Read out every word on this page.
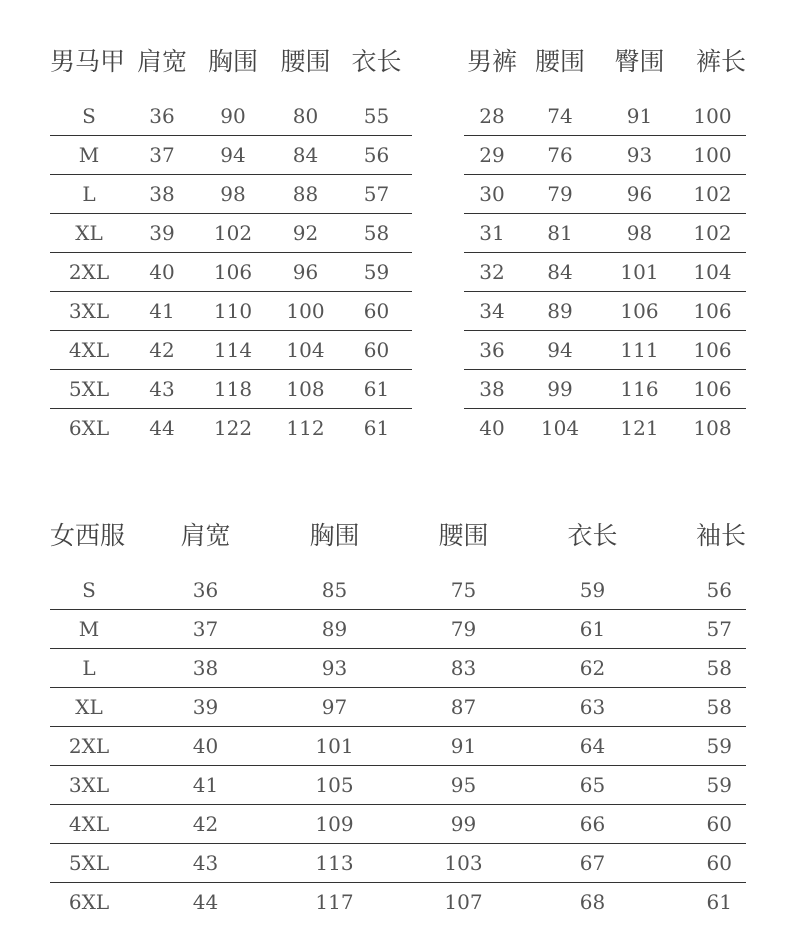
男马甲	肩宽	胸围	腰围	衣长

S	36	90	80	55
M	37	94	84	56
L	38	98	88	57
XL	39	102	92	58
2XL	40	106	96	59
3XL	41	110	100	60
4XL	42	114	104	60
5XL	43	118	108	61
6XL	44	122	112	61
男裤	腰围	臀围	裤长

28	74	91	100
29	76	93	100
30	79	96	102
31	81	98	102
32	84	101	104
34	89	106	106
36	94	111	106
38	99	116	106
40	104	121	108
女西服	肩宽	胸围	腰围	衣长	袖长

S	36	85	75	59	56
M	37	89	79	61	57
L	38	93	83	62	58
XL	39	97	87	63	58
2XL	40	101	91	64	59
3XL	41	105	95	65	59
4XL	42	109	99	66	60
5XL	43	113	103	67	60
6XL	44	117	107	68	61
